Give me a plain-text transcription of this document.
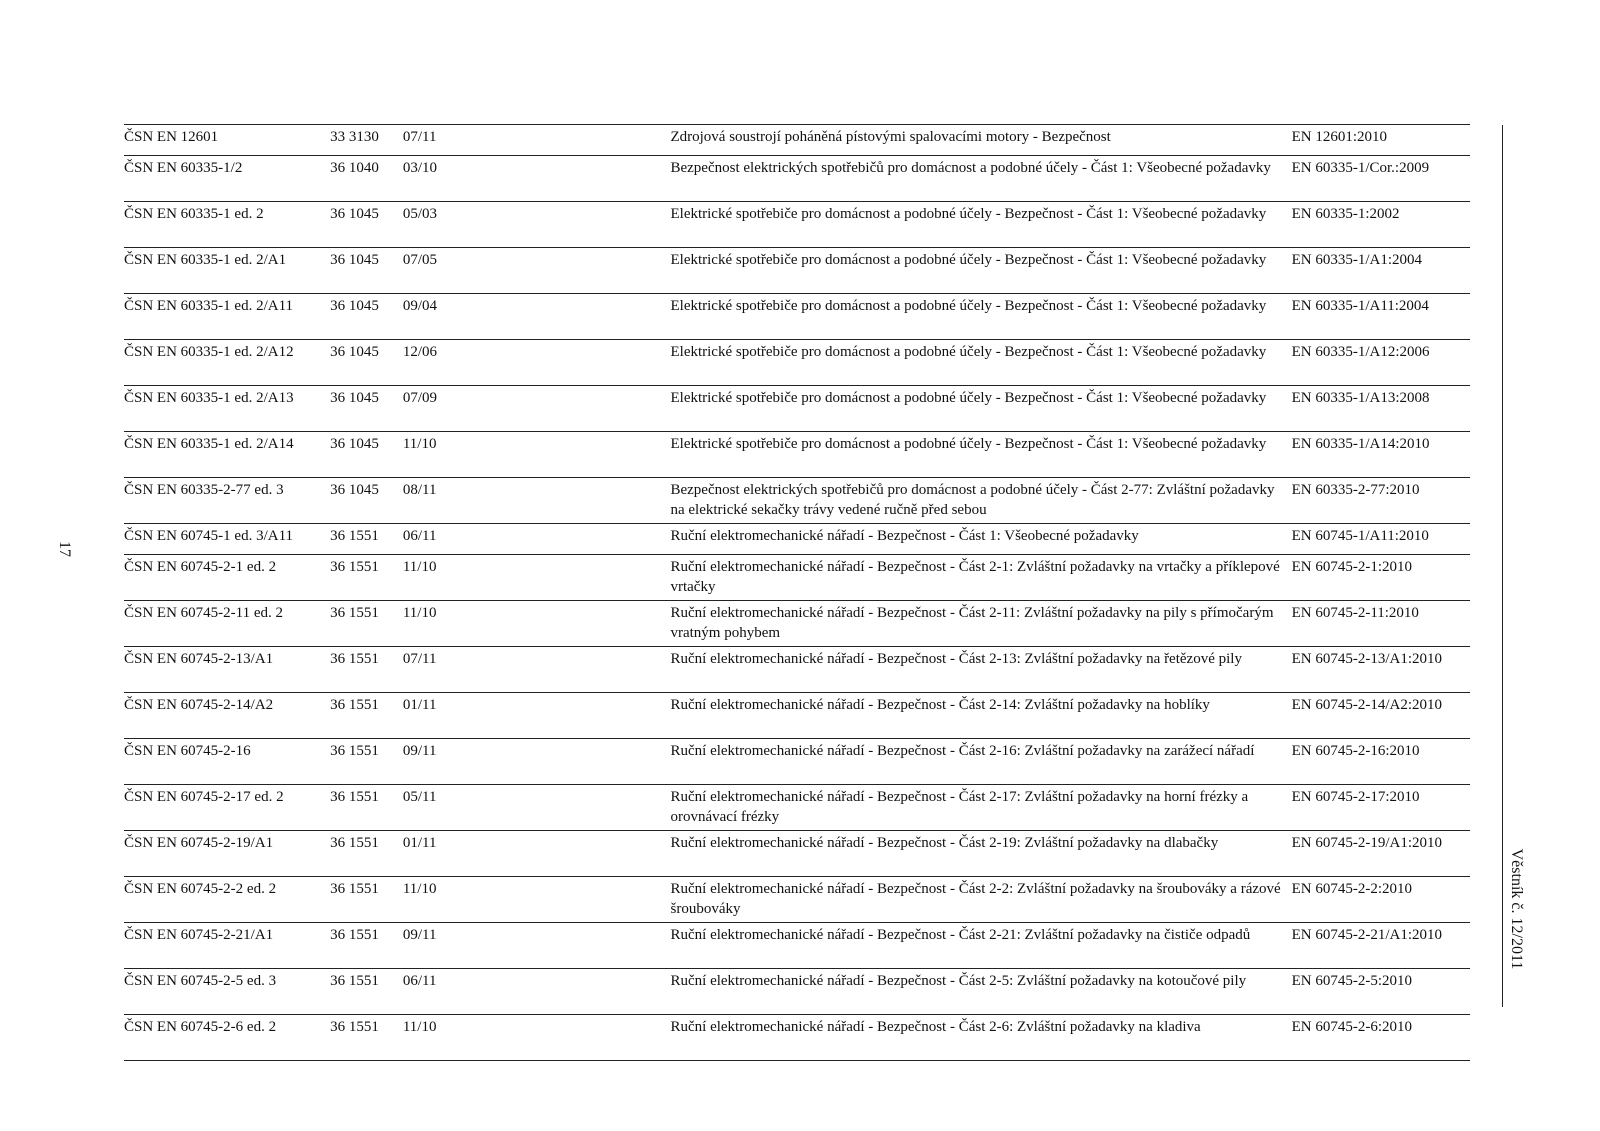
17
Věstník č. 12/2011
ČSN EN 12601	33 3130	07/11	Zdrojová soustrojí poháněná pístovými spalovacími motory - Bezpečnost	EN 12601:2010
ČSN EN 60335-1/2	36 1040	03/10	Bezpečnost elektrických spotřebičů pro domácnost a podobné účely - Část 1: Všeobecné požadavky	EN 60335-1/Cor.:2009
ČSN EN 60335-1 ed. 2	36 1045	05/03	Elektrické spotřebiče pro domácnost a podobné účely - Bezpečnost - Část 1: Všeobecné požadavky	EN 60335-1:2002
ČSN EN 60335-1 ed. 2/A1	36 1045	07/05	Elektrické spotřebiče pro domácnost a podobné účely - Bezpečnost - Část 1: Všeobecné požadavky	EN 60335-1/A1:2004
ČSN EN 60335-1 ed. 2/A11	36 1045	09/04	Elektrické spotřebiče pro domácnost a podobné účely - Bezpečnost - Část 1: Všeobecné požadavky	EN 60335-1/A11:2004
ČSN EN 60335-1 ed. 2/A12	36 1045	12/06	Elektrické spotřebiče pro domácnost a podobné účely - Bezpečnost - Část 1: Všeobecné požadavky	EN 60335-1/A12:2006
ČSN EN 60335-1 ed. 2/A13	36 1045	07/09	Elektrické spotřebiče pro domácnost a podobné účely - Bezpečnost - Část 1: Všeobecné požadavky	EN 60335-1/A13:2008
ČSN EN 60335-1 ed. 2/A14	36 1045	11/10	Elektrické spotřebiče pro domácnost a podobné účely - Bezpečnost - Část 1: Všeobecné požadavky	EN 60335-1/A14:2010
ČSN EN 60335-2-77 ed. 3	36 1045	08/11	Bezpečnost elektrických spotřebičů pro domácnost a podobné účely - Část 2-77: Zvláštní požadavky na elektrické sekačky trávy vedené ručně před sebou	EN 60335-2-77:2010
ČSN EN 60745-1 ed. 3/A11	36 1551	06/11	Ruční elektromechanické nářadí - Bezpečnost - Část 1: Všeobecné požadavky	EN 60745-1/A11:2010
ČSN EN 60745-2-1 ed. 2	36 1551	11/10	Ruční elektromechanické nářadí - Bezpečnost - Část 2-1: Zvláštní požadavky na vrtačky a příklepové vrtačky	EN 60745-2-1:2010
ČSN EN 60745-2-11 ed. 2	36 1551	11/10	Ruční elektromechanické nářadí - Bezpečnost - Část 2-11: Zvláštní požadavky na pily s přímočarým vratným pohybem	EN 60745-2-11:2010
ČSN EN 60745-2-13/A1	36 1551	07/11	Ruční elektromechanické nářadí - Bezpečnost - Část 2-13: Zvláštní požadavky na řetězové pily	EN 60745-2-13/A1:2010
ČSN EN 60745-2-14/A2	36 1551	01/11	Ruční elektromechanické nářadí - Bezpečnost - Část 2-14: Zvláštní požadavky na hoblíky	EN 60745-2-14/A2:2010
ČSN EN 60745-2-16	36 1551	09/11	Ruční elektromechanické nářadí - Bezpečnost - Část 2-16: Zvláštní požadavky na zarážecí nářadí	EN 60745-2-16:2010
ČSN EN 60745-2-17 ed. 2	36 1551	05/11	Ruční elektromechanické nářadí - Bezpečnost - Část 2-17: Zvláštní požadavky na horní frézky a orovnávací frézky	EN 60745-2-17:2010
ČSN EN 60745-2-19/A1	36 1551	01/11	Ruční elektromechanické nářadí - Bezpečnost - Část 2-19: Zvláštní požadavky na dlabačky	EN 60745-2-19/A1:2010
ČSN EN 60745-2-2 ed. 2	36 1551	11/10	Ruční elektromechanické nářadí - Bezpečnost - Část 2-2: Zvláštní požadavky na šroubováky a rázové šroubováky	EN 60745-2-2:2010
ČSN EN 60745-2-21/A1	36 1551	09/11	Ruční elektromechanické nářadí - Bezpečnost - Část 2-21: Zvláštní požadavky na čističe odpadů	EN 60745-2-21/A1:2010
ČSN EN 60745-2-5 ed. 3	36 1551	06/11	Ruční elektromechanické nářadí - Bezpečnost - Část 2-5: Zvláštní požadavky na kotoučové pily	EN 60745-2-5:2010
ČSN EN 60745-2-6 ed. 2	36 1551	11/10	Ruční elektromechanické nářadí - Bezpečnost - Část 2-6: Zvláštní požadavky na kladiva	EN 60745-2-6:2010
